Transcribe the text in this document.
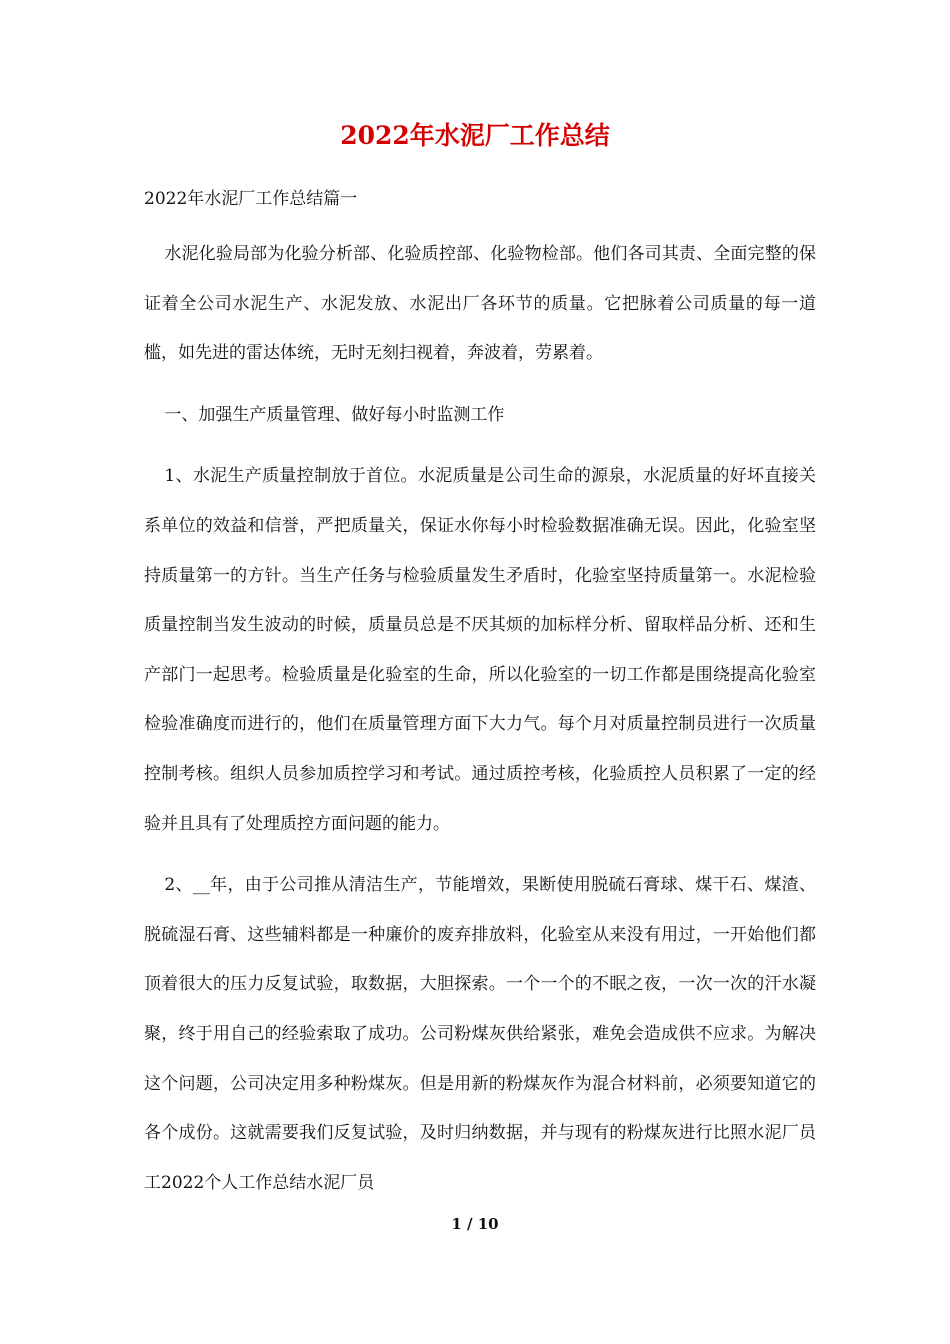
2022年水泥厂工作总结

2022年水泥厂工作总结篇一

水泥化验局部为化验分析部、化验质控部、化验物检部。他们各司其责、全面完整的保证着全公司水泥生产、水泥发放、水泥出厂各环节的质量。它把脉着公司质量的每一道槛，如先进的雷达体统，无时无刻扫视着，奔波着，劳累着。

一、加强生产质量管理、做好每小时监测工作

1、水泥生产质量控制放于首位。水泥质量是公司生命的源泉，水泥质量的好坏直接关系单位的效益和信誉，严把质量关，保证水你每小时检验数据准确无误。因此，化验室坚持质量第一的方针。当生产任务与检验质量发生矛盾时，化验室坚持质量第一。水泥检验质量控制当发生波动的时候，质量员总是不厌其烦的加标样分析、留取样品分析、还和生产部门一起思考。检验质量是化验室的生命，所以化验室的一切工作都是围绕提高化验室检验准确度而进行的，他们在质量管理方面下大力气。每个月对质量控制员进行一次质量控制考核。组织人员参加质控学习和考试。通过质控考核，化验质控人员积累了一定的经验并且具有了处理质控方面问题的能力。

2、__年，由于公司推从清洁生产，节能增效，果断使用脱硫石膏球、煤干石、煤渣、脱硫湿石膏、这些辅料都是一种廉价的废弃排放料，化验室从来没有用过，一开始他们都顶着很大的压力反复试验，取数据，大胆探索。一个一个的不眠之夜，一次一次的汗水凝聚，终于用自己的经验索取了成功。公司粉煤灰供给紧张，难免会造成供不应求。为解决这个问题，公司决定用多种粉煤灰。但是用新的粉煤灰作为混合材料前，必须要知道它的各个成份。这就需要我们反复试验，及时归纳数据，并与现有的粉煤灰进行比照水泥厂员工2022个人工作总结水泥厂员

1 / 10
